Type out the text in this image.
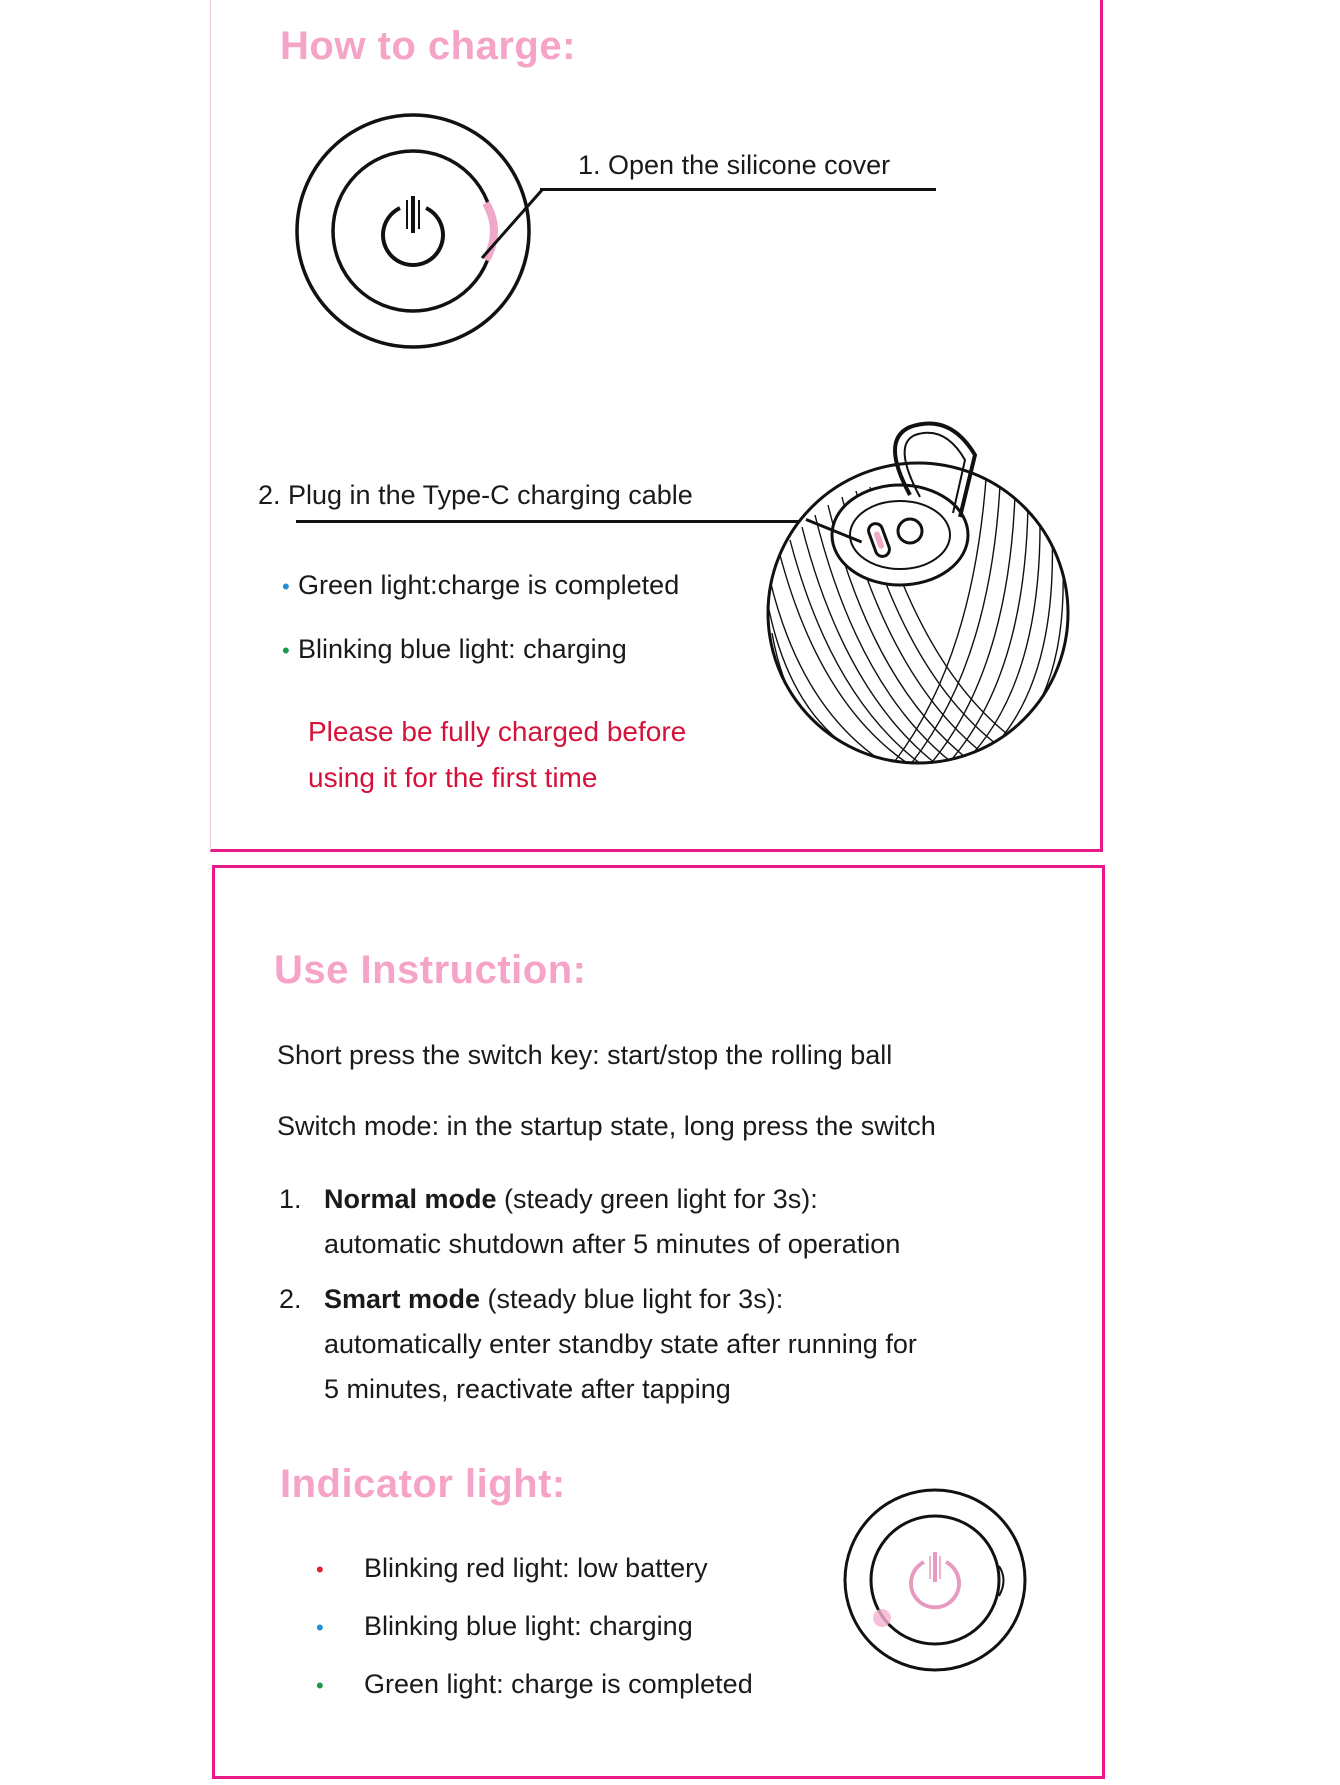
How to charge:
1. Open the silicone cover
2. Plug in the Type-C charging cable
• Green light:charge is completed
• Blinking blue light: charging
Please be fully charged before
using it for the first time
Use Instruction:
Short press the switch key: start/stop the rolling ball
Switch mode: in the startup state, long press the switch
1. Normal mode (steady green light for 3s):
automatic shutdown after 5 minutes of operation
2. Smart mode (steady blue light for 3s):
automatically enter standby state after running for
5 minutes, reactivate after tapping
Indicator light:
• Blinking red light: low battery
• Blinking blue light: charging
• Green light: charge is completed
